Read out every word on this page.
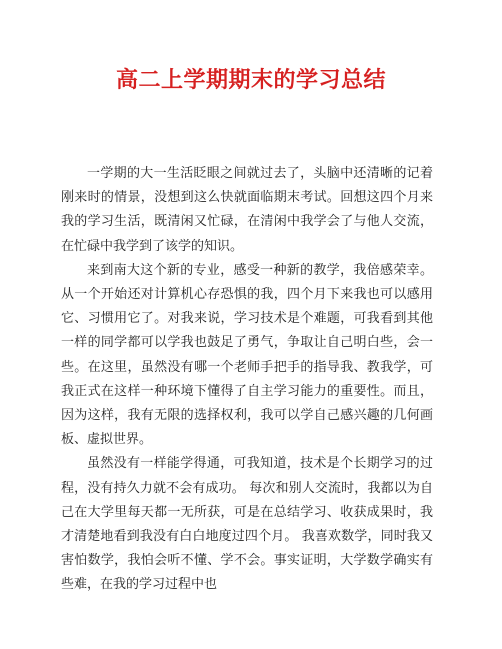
高二上学期期末的学习总结

一学期的大一生活眨眼之间就过去了，头脑中还清晰的记着刚来时的情景，没想到这么快就面临期末考试。回想这四个月来我的学习生活，既清闲又忙碌，在清闲中我学会了与他人交流，在忙碌中我学到了该学的知识。

来到南大这个新的专业，感受一种新的教学，我倍感荣幸。从一个开始还对计算机心存恐惧的我，四个月下来我也可以感用它、习惯用它了。对我来说，学习技术是个难题，可我看到其他一样的同学都可以学我也鼓足了勇气，争取让自己明白些，会一些。在这里，虽然没有哪一个老师手把手的指导我、教我学，可我正式在这样一种环境下懂得了自主学习能力的重要性。而且，因为这样，我有无限的选择权利，我可以学自己感兴趣的几何画板、虚拟世界。

虽然没有一样能学得通，可我知道，技术是个长期学习的过程，没有持久力就不会有成功。 每次和别人交流时，我都以为自己在大学里每天都一无所获，可是在总结学习、收获成果时，我才清楚地看到我没有白白地度过四个月。 我喜欢数学，同时我又害怕数学，我怕会听不懂、学不会。事实证明，大学数学确实有些难，在我的学习过程中也
